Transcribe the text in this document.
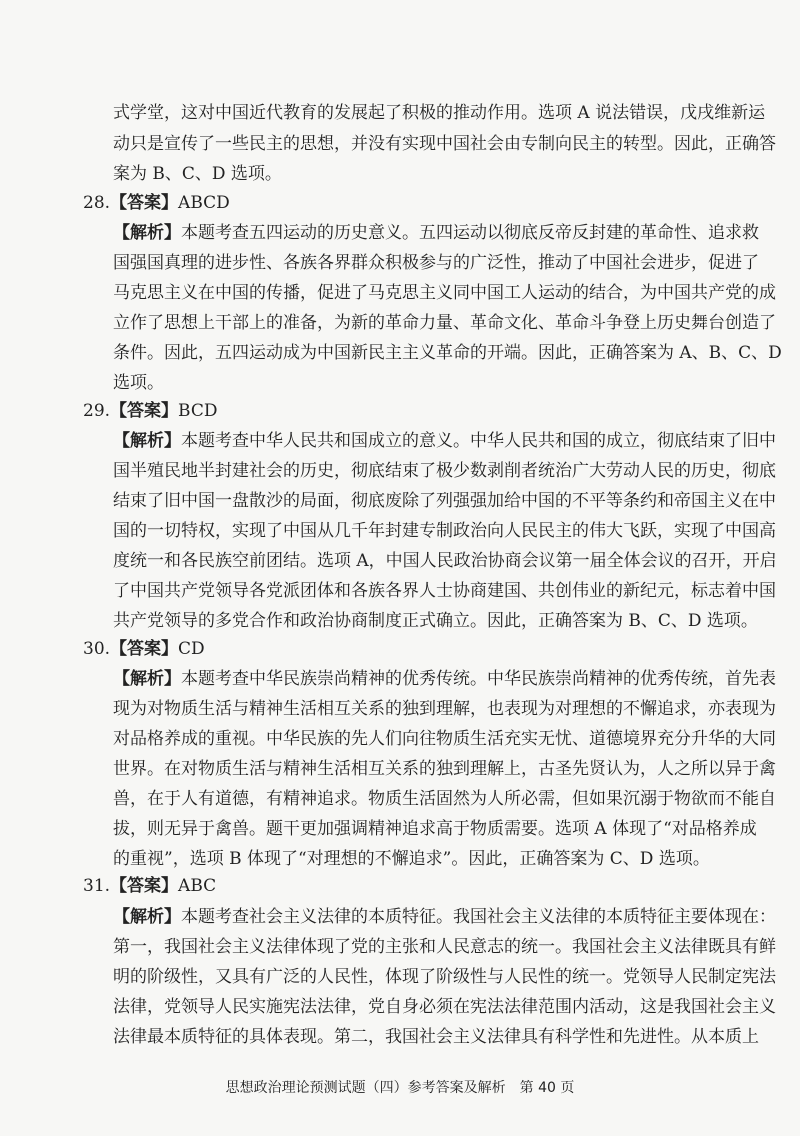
式学堂，这对中国近代教育的发展起了积极的推动作用。选项 A 说法错误，戊戌维新运
动只是宣传了一些民主的思想，并没有实现中国社会由专制向民主的转型。因此，正确答
案为 B、C、D 选项。
28.【答案】ABCD
【解析】本题考查五四运动的历史意义。五四运动以彻底反帝反封建的革命性、追求救
国强国真理的进步性、各族各界群众积极参与的广泛性，推动了中国社会进步，促进了
马克思主义在中国的传播，促进了马克思主义同中国工人运动的结合，为中国共产党的成
立作了思想上干部上的准备，为新的革命力量、革命文化、革命斗争登上历史舞台创造了
条件。因此，五四运动成为中国新民主主义革命的开端。因此，正确答案为 A、B、C、D
选项。
29.【答案】BCD
【解析】本题考查中华人民共和国成立的意义。中华人民共和国的成立，彻底结束了旧中
国半殖民地半封建社会的历史，彻底结束了极少数剥削者统治广大劳动人民的历史，彻底
结束了旧中国一盘散沙的局面，彻底废除了列强强加给中国的不平等条约和帝国主义在中
国的一切特权，实现了中国从几千年封建专制政治向人民民主的伟大飞跃，实现了中国高
度统一和各民族空前团结。选项 A，中国人民政治协商会议第一届全体会议的召开，开启
了中国共产党领导各党派团体和各族各界人士协商建国、共创伟业的新纪元，标志着中国
共产党领导的多党合作和政治协商制度正式确立。因此，正确答案为 B、C、D 选项。
30.【答案】CD
【解析】本题考查中华民族崇尚精神的优秀传统。中华民族崇尚精神的优秀传统，首先表
现为对物质生活与精神生活相互关系的独到理解，也表现为对理想的不懈追求，亦表现为
对品格养成的重视。中华民族的先人们向往物质生活充实无忧、道德境界充分升华的大同
世界。在对物质生活与精神生活相互关系的独到理解上，古圣先贤认为，人之所以异于禽
兽，在于人有道德，有精神追求。物质生活固然为人所必需，但如果沉溺于物欲而不能自
拔，则无异于禽兽。题干更加强调精神追求高于物质需要。选项 A 体现了“对品格养成
的重视”，选项 B 体现了“对理想的不懈追求”。因此，正确答案为 C、D 选项。
31.【答案】ABC
【解析】本题考查社会主义法律的本质特征。我国社会主义法律的本质特征主要体现在：
第一，我国社会主义法律体现了党的主张和人民意志的统一。我国社会主义法律既具有鲜
明的阶级性，又具有广泛的人民性，体现了阶级性与人民性的统一。党领导人民制定宪法
法律，党领导人民实施宪法法律，党自身必须在宪法法律范围内活动，这是我国社会主义
法律最本质特征的具体表现。第二，我国社会主义法律具有科学性和先进性。从本质上
思想政治理论预测试题（四）参考答案及解析　第 40 页
